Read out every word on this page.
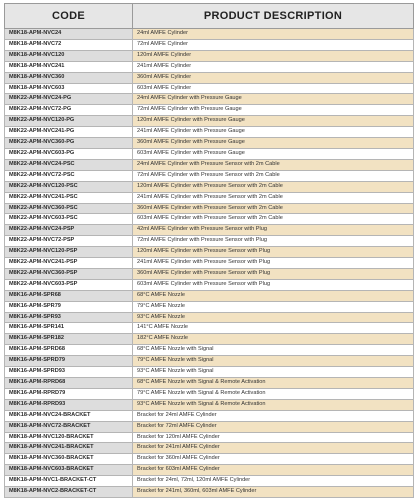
CODE	PRODUCT DESCRIPTION
M8K18-APM-NVC24	24ml AMFE Cylinder
M8K18-APM-NVC72	72ml AMFE Cylinder
M8K18-APM-NVC120	120ml AMFE Cylinder
M8K18-APM-NVC241	241ml AMFE Cylinder
M8K18-APM-NVC360	360ml AMFE Cylinder
M8K18-APM-NVC603	603ml AMFE Cylinder
M8K22-APM-NVC24-PG	24ml AMFE Cylinder with Pressure Gauge
M8K22-APM-NVC72-PG	72ml AMFE Cylinder with Pressure Gauge
M8K22-APM-NVC120-PG	120ml AMFE Cylinder with Pressure Gauge
M8K22-APM-NVC241-PG	241ml AMFE Cylinder with Pressure Gauge
M8K22-APM-NVC360-PG	360ml AMFE Cylinder with Pressure Gauge
M8K22-APM-NVC603-PG	603ml AMFE Cylinder with Pressure Gauge
M8K22-APM-NVC24-PSC	24ml AMFE Cylinder with Pressure Sensor with 2m Cable
M8K22-APM-NVC72-PSC	72ml AMFE Cylinder with Pressure Sensor with 2m Cable
M8K22-APM-NVC120-PSC	120ml AMFE Cylinder with Pressure Sensor with 2m Cable
M8K22-APM-NVC241-PSC	241ml AMFE Cylinder with Pressure Sensor with 2m Cable
M8K22-APM-NVC360-PSC	360ml AMFE Cylinder with Pressure Sensor with 2m Cable
M8K22-APM-NVC603-PSC	603ml AMFE Cylinder with Pressure Sensor with 2m Cable
M8K22-APM-NVC24-PSP	42ml AMFE Cylinder with Pressure Sensor with Plug
M8K22-APM-NVC72-PSP	72ml AMFE Cylinder with Pressure Sensor with Plug
M8K22-APM-NVC120-PSP	120ml AMFE Cylinder with Pressure Sensor with Plug
M8K22-APM-NVC241-PSP	241ml AMFE Cylinder with Pressure Sensor with Plug
M8K22-APM-NVC360-PSP	360ml AMFE Cylinder with Pressure Sensor with Plug
M8K22-APM-NVC603-PSP	603ml AMFE Cylinder with Pressure Sensor with Plug
M8K16-APM-SPR68	68°C AMFE Nozzle
M8K16-APM-SPR79	79°C AMFE Nozzle
M8K16-APM-SPR93	93°C AMFE Nozzle
M8K16-APM-SPR141	141°C AMFE Nozzle
M8K16-APM-SPR182	182°C AMFE Nozzle
M8K16-APM-SPRD68	68°C AMFE Nozzle with Signal
M8K16-APM-SPRD79	79°C AMFE Nozzle with Signal
M8K16-APM-SPRD93	93°C AMFE Nozzle with Signal
M8K16-APM-RPRD68	68°C AMFE Nozzle with Signal & Remote Activation
M8K16-APM-RPRD79	79°C AMFE Nozzle with Signal & Remote Activation
M8K16-APM-RPRD93	93°C AMFE Nozzle with Signal & Remote Activation
M8K18-APM-NVC24-BRACKET	Bracket for 24ml AMFE Cylinder
M8K18-APM-NVC72-BRACKET	Bracket for 72ml AMFE Cylinder
M8K18-APM-NVC120-BRACKET	Bracket for 120ml AMFE Cylinder
M8K18-APM-NVC241-BRACKET	Bracket for 241ml AMFE Cylinder
M8K18-APM-NVC360-BRACKET	Bracket for 360ml AMFE Cylinder
M8K18-APM-NVC603-BRACKET	Bracket for 603ml AMFE Cylinder
M8K18-APM-NVC1-BRACKET-CT	Bracket for 24ml, 72ml, 120ml AMFE Cylinder
M8K18-APM-NVC2-BRACKET-CT	Bracket for 241ml, 360ml, 603ml AMFE Cylinder
